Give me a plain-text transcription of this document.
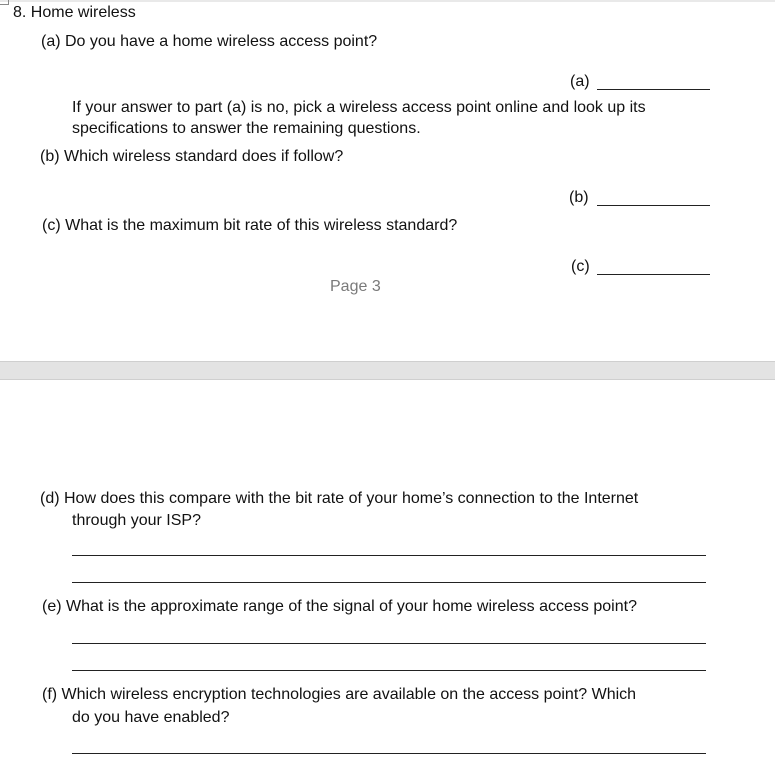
8. Home wireless
(a) Do you have a home wireless access point?
(a)
If your answer to part (a) is no, pick a wireless access point online and look up its
specifications to answer the remaining questions.
(b) Which wireless standard does if follow?
(b)
(c) What is the maximum bit rate of this wireless standard?
(c)
Page 3
(d) How does this compare with the bit rate of your home’s connection to the Internet
through your ISP?
(e) What is the approximate range of the signal of your home wireless access point?
(f) Which wireless encryption technologies are available on the access point? Which
do you have enabled?
